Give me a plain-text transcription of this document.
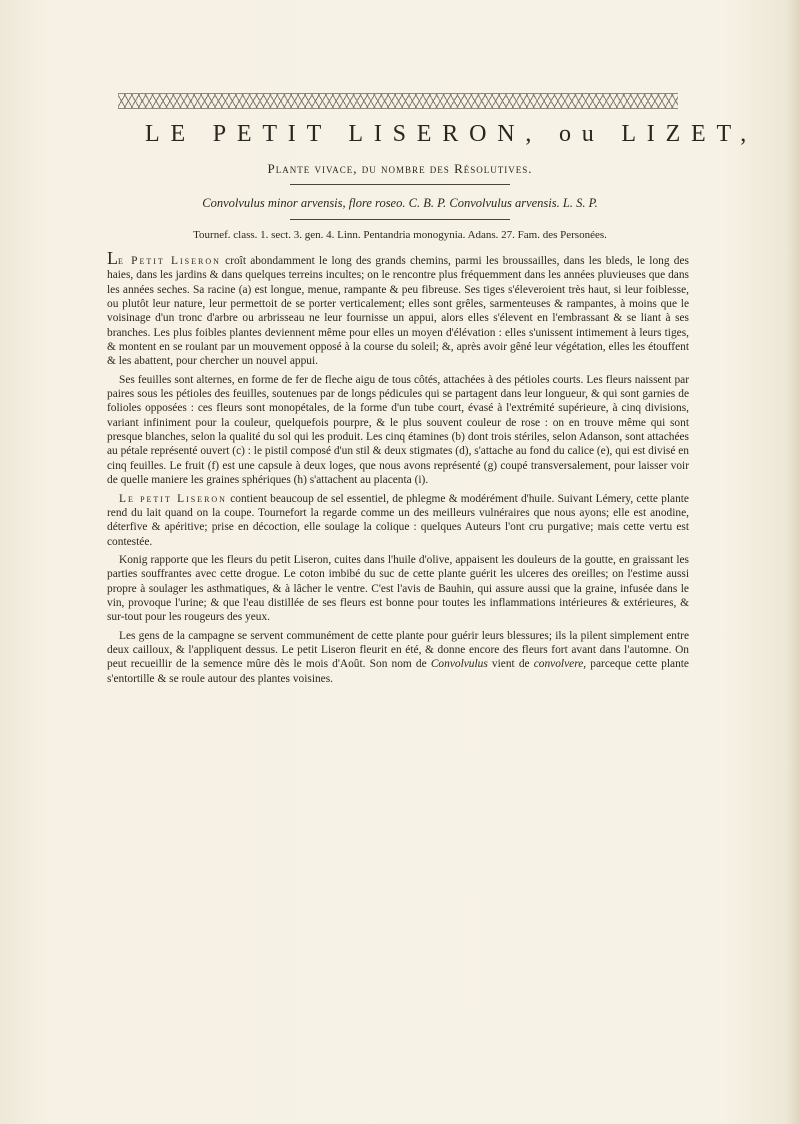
LE PETIT LISERON, ou LIZET,
Plante vivace, du nombre des Résolutives.
Convolvulus minor arvensis, flore roseo. C. B. P. Convolvulus arvensis. L. S. P.
Tournef. class. 1. sect. 3. gen. 4. Linn. Pentandria monogynia. Adans. 27. Fam. des Personées.

Le Petit Liseron croît abondamment le long des grands chemins, parmi les broussailles, dans les bleds, le long des haies, dans les jardins & dans quelques terreins incultes; on le rencontre plus fréquemment dans les années pluvieuses que dans les années seches. Sa racine (a) est longue, menue, rampante & peu fibreuse. Ses tiges s'éleveroient très haut, si leur foiblesse, ou plutôt leur nature, leur permettoit de se porter verticalement; elles sont grêles, sarmenteuses & rampantes, à moins que le voisinage d'un tronc d'arbre ou arbrisseau ne leur fournisse un appui, alors elles s'élevent en l'embrassant & se liant à ses branches. Les plus foibles plantes deviennent même pour elles un moyen d'élévation : elles s'unissent intimement à leurs tiges, & montent en se roulant par un mouvement opposé à la course du soleil; &, après avoir gêné leur végétation, elles les étouffent & les abattent, pour chercher un nouvel appui.

Ses feuilles sont alternes, en forme de fer de fleche aigu de tous côtés, attachées à des pétioles courts. Les fleurs naissent par paires sous les pétioles des feuilles, soutenues par de longs pédicules qui se partagent dans leur longueur, & qui sont garnies de folioles opposées : ces fleurs sont monopétales, de la forme d'un tube court, évasé à l'extrémité supérieure, à cinq divisions, variant infiniment pour la couleur, quelquefois pourpre, & le plus souvent couleur de rose : on en trouve même qui sont presque blanches, selon la qualité du sol qui les produit. Les cinq étamines (b) dont trois stériles, selon Adanson, sont attachées au pétale représenté ouvert (c) : le pistil composé d'un stil & deux stigmates (d), s'attache au fond du calice (e), qui est divisé en cinq feuilles. Le fruit (f) est une capsule à deux loges, que nous avons représenté (g) coupé transversalement, pour laisser voir de quelle maniere les graines sphériques (h) s'attachent au placenta (i).

Le petit Liseron contient beaucoup de sel essentiel, de phlegme & modérément d'huile. Suivant Lémery, cette plante rend du lait quand on la coupe. Tournefort la regarde comme un des meilleurs vulnéraires que nous ayons; elle est anodine, déterfive & apéritive; prise en décoction, elle soulage la colique : quelques Auteurs l'ont cru purgative; mais cette vertu est contestée.

Konig rapporte que les fleurs du petit Liseron, cuites dans l'huile d'olive, appaisent les douleurs de la goutte, en graissant les parties souffrantes avec cette drogue. Le coton imbibé du suc de cette plante guérit les ulceres des oreilles; on l'estime aussi propre à soulager les asthmatiques, & à lâcher le ventre. C'est l'avis de Bauhin, qui assure aussi que la graine, infusée dans le vin, provoque l'urine; & que l'eau distillée de ses fleurs est bonne pour toutes les inflammations intérieures & extérieures, & sur-tout pour les rougeurs des yeux.

Les gens de la campagne se servent communément de cette plante pour guérir leurs blessures; ils la pilent simplement entre deux cailloux, & l'appliquent dessus. Le petit Liseron fleurit en été, & donne encore des fleurs fort avant dans l'automne. On peut recueillir de la semence mûre dès le mois d'Août. Son nom de Convolvulus vient de convolvere, parceque cette plante s'entortille & se roule autour des plantes voisines.
